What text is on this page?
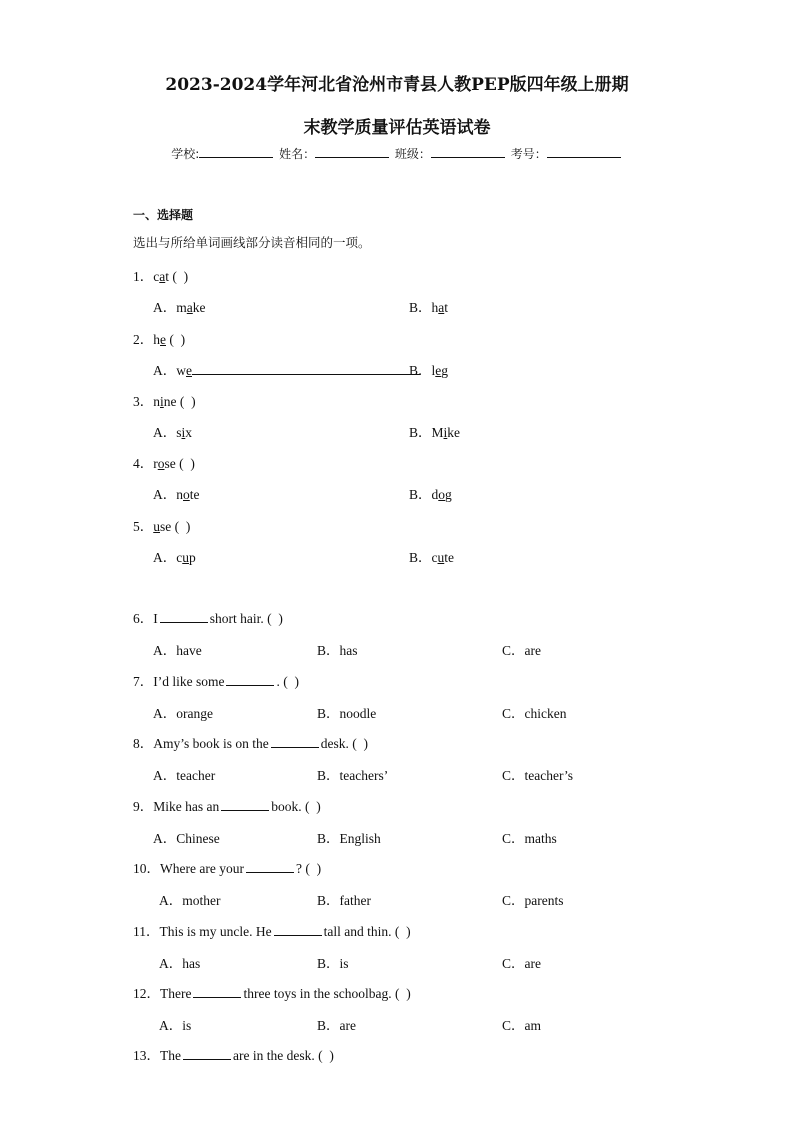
2023-2024学年河北省沧州市青县人教PEP版四年级上册期
末教学质量评估英语试卷
学校:	姓名：	班级：	考号：
一、选择题
选出与所给单词画线部分读音相同的一项。
1．cat (  )
A．make	B．hat
2．he (  )
A．we	B．leg
3．nine (  )
A．six	B．Mike
4．rose (  )
A．note	B．dog
5．use (  )
A．cup	B．cute
6．I	short hair. (  )
A．have	B．has	C．are
7．I’d like some	. (  )
A．orange	B．noodle	C．chicken
8．Amy’s book is on the	desk. (  )
A．teacher	B．teachers’	C．teacher’s
9．Mike has an	book. (  )
A．Chinese	B．English	C．maths
10．Where are your	? (  )
A．mother	B．father	C．parents
11．This is my uncle. He	tall and thin. (  )
A．has	B．is	C．are
12．There	three toys in the schoolbag. (  )
A．is	B．are	C．am
13．The	are in the desk. (  )
